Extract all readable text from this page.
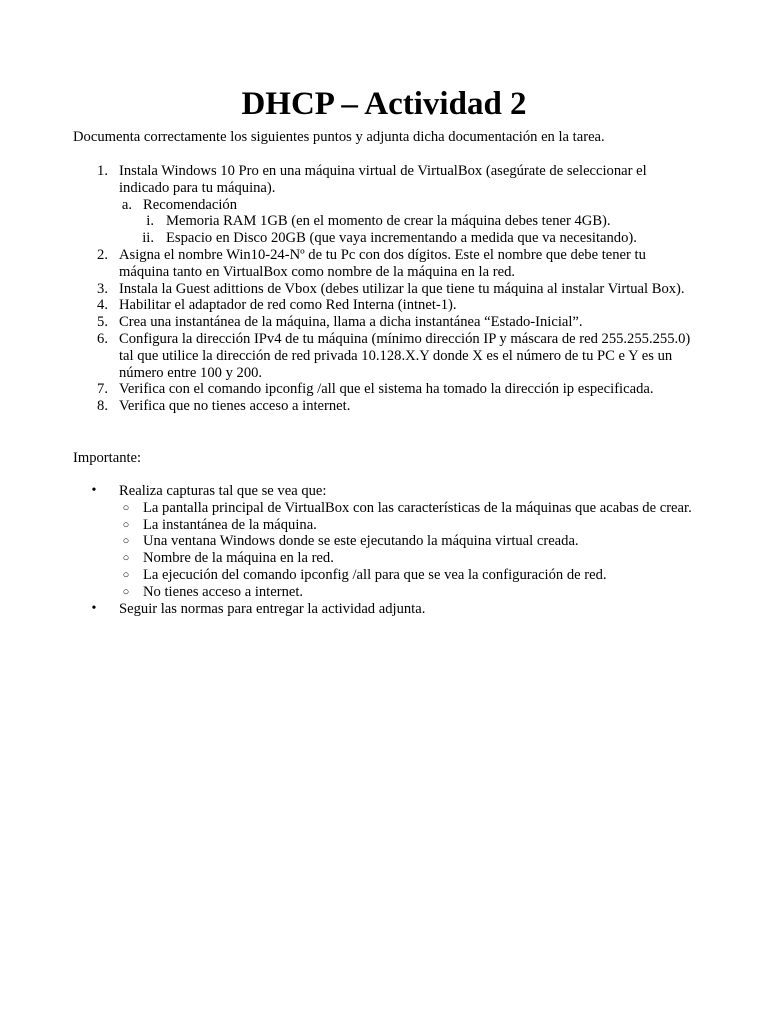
DHCP – Actividad 2
Documenta correctamente los siguientes puntos y adjunta dicha documentación en la tarea.
1. Instala Windows 10 Pro en una máquina virtual de VirtualBox (asegúrate de seleccionar el indicado para tu máquina).
a. Recomendación
i. Memoria RAM 1GB (en el momento de crear la máquina debes tener 4GB).
ii. Espacio en Disco 20GB (que vaya incrementando a medida que va necesitando).
2. Asigna el nombre Win10-24-Nº de tu Pc con dos dígitos. Este el nombre que debe tener tu máquina tanto en VirtualBox como nombre de la máquina en la red.
3. Instala la Guest adittions de Vbox (debes utilizar la que tiene tu máquina al instalar Virtual Box).
4. Habilitar el adaptador de red como Red Interna (intnet-1).
5. Crea una instantánea de la máquina, llama a dicha instantánea “Estado-Inicial”.
6. Configura la dirección IPv4 de tu máquina (mínimo dirección IP y máscara de red 255.255.255.0) tal que utilice la dirección de red privada 10.128.X.Y donde X es el número de tu PC e Y es un número entre 100 y 200.
7. Verifica con el comando ipconfig /all que el sistema ha tomado la dirección ip especificada.
8. Verifica que no tienes acceso a internet.
Importante:
•	Realiza capturas tal que se vea que:
○ La pantalla principal de VirtualBox con las características de la máquinas que acabas de crear.
○ La instantánea de la máquina.
○ Una ventana Windows donde se este ejecutando la máquina virtual creada.
○ Nombre de la máquina en la red.
○ La ejecución del comando ipconfig /all para que se vea la configuración de red.
○ No tienes acceso a internet.
•	Seguir las normas para entregar la actividad adjunta.
